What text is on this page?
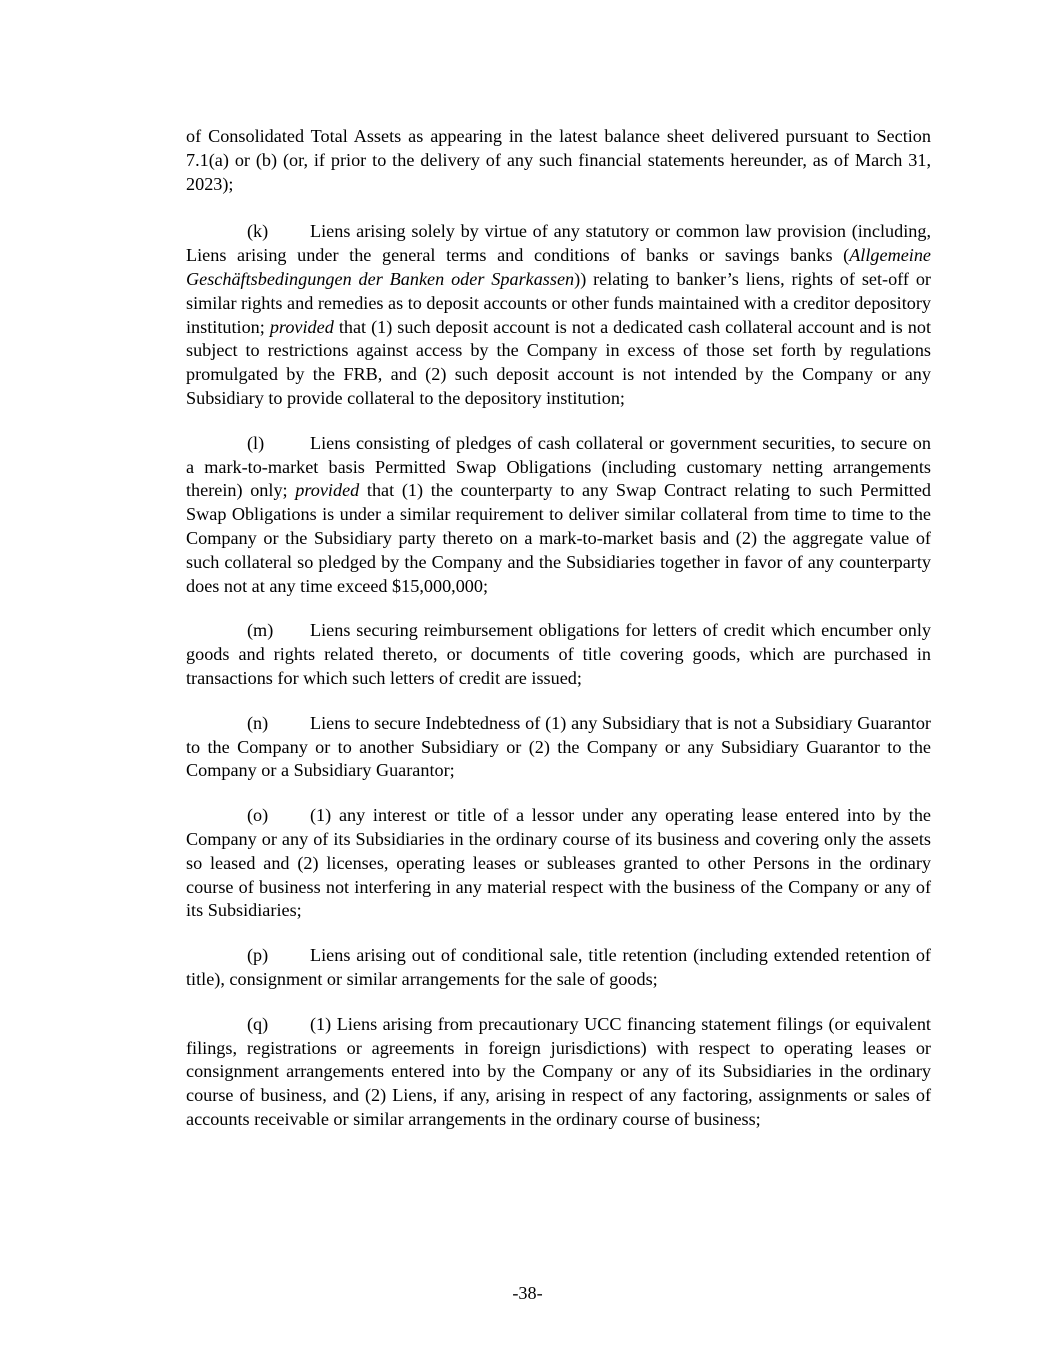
of Consolidated Total Assets as appearing in the latest balance sheet delivered pursuant to Section 7.1(a) or (b) (or, if prior to the delivery of any such financial statements hereunder, as of March 31, 2023);

(k) Liens arising solely by virtue of any statutory or common law provision (including, Liens arising under the general terms and conditions of banks or savings banks (Allgemeine Geschäftsbedingungen der Banken oder Sparkassen)) relating to banker’s liens, rights of set-off or similar rights and remedies as to deposit accounts or other funds maintained with a creditor depository institution; provided that (1) such deposit account is not a dedicated cash collateral account and is not subject to restrictions against access by the Company in excess of those set forth by regulations promulgated by the FRB, and (2) such deposit account is not intended by the Company or any Subsidiary to provide collateral to the depository institution;

(l)	Liens consisting of pledges of cash collateral or government securities, to secure on a mark-to-market basis Permitted Swap Obligations (including customary netting arrangements therein) only; provided that (1) the counterparty to any Swap Contract relating to such Permitted Swap Obligations is under a similar requirement to deliver similar collateral from time to time to the Company or the Subsidiary party thereto on a mark-to-market basis and (2) the aggregate value of such collateral so pledged by the Company and the Subsidiaries together in favor of any counterparty does not at any time exceed $15,000,000;

(m) Liens securing reimbursement obligations for letters of credit which encumber only goods and rights related thereto, or documents of title covering goods, which are purchased in transactions for which such letters of credit are issued;

(n) Liens to secure Indebtedness of (1) any Subsidiary that is not a Subsidiary Guarantor to the Company or to another Subsidiary or (2) the Company or any Subsidiary Guarantor to the Company or a Subsidiary Guarantor;

(o) (1) any interest or title of a lessor under any operating lease entered into by the Company or any of its Subsidiaries in the ordinary course of its business and covering only the assets so leased and (2) licenses, operating leases or subleases granted to other Persons in the ordinary course of business not interfering in any material respect with the business of the Company or any of its Subsidiaries;

(p) Liens arising out of conditional sale, title retention (including extended retention of title), consignment or similar arrangements for the sale of goods;

(q) (1) Liens arising from precautionary UCC financing statement filings (or equivalent filings, registrations or agreements in foreign jurisdictions) with respect to operating leases or consignment arrangements entered into by the Company or any of its Subsidiaries in the ordinary course of business, and (2) Liens, if any, arising in respect of any factoring, assignments or sales of accounts receivable or similar arrangements in the ordinary course of business;

-38-
